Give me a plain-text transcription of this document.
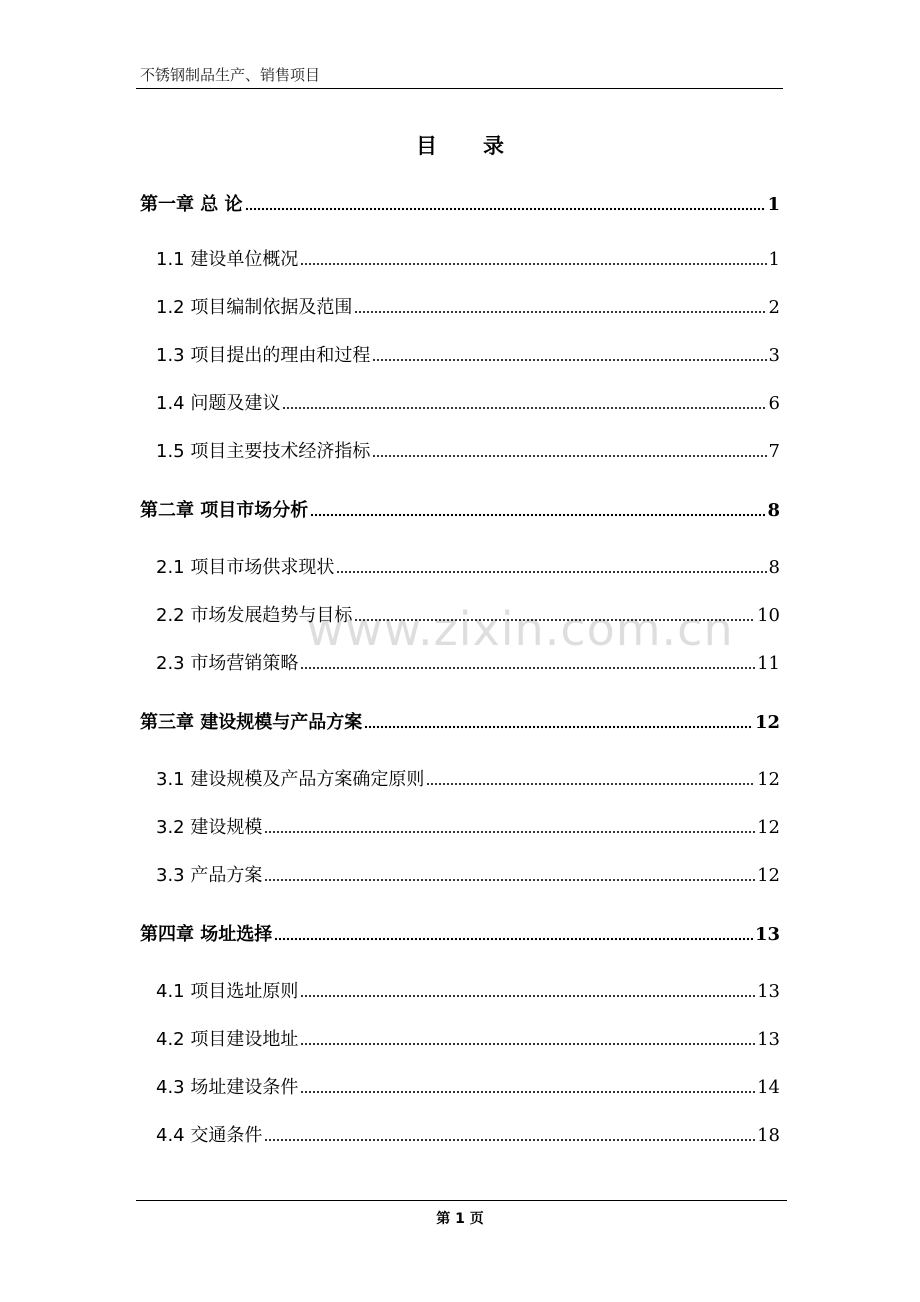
不锈钢制品生产、销售项目
目 录
第一章 总 论	1
1.1 建设单位概况	1
1.2 项目编制依据及范围	2
1.3 项目提出的理由和过程	3
1.4 问题及建议	6
1.5 项目主要技术经济指标	7
第二章 项目市场分析	8
2.1 项目市场供求现状	8
2.2 市场发展趋势与目标	10
2.3 市场营销策略	11
第三章 建设规模与产品方案	12
3.1 建设规模及产品方案确定原则	12
3.2 建设规模	12
3.3 产品方案	12
第四章 场址选择	13
4.1 项目选址原则	13
4.2 项目建设地址	13
4.3 场址建设条件	14
4.4 交通条件	18
www.zixin.com.cn
第 1 页
